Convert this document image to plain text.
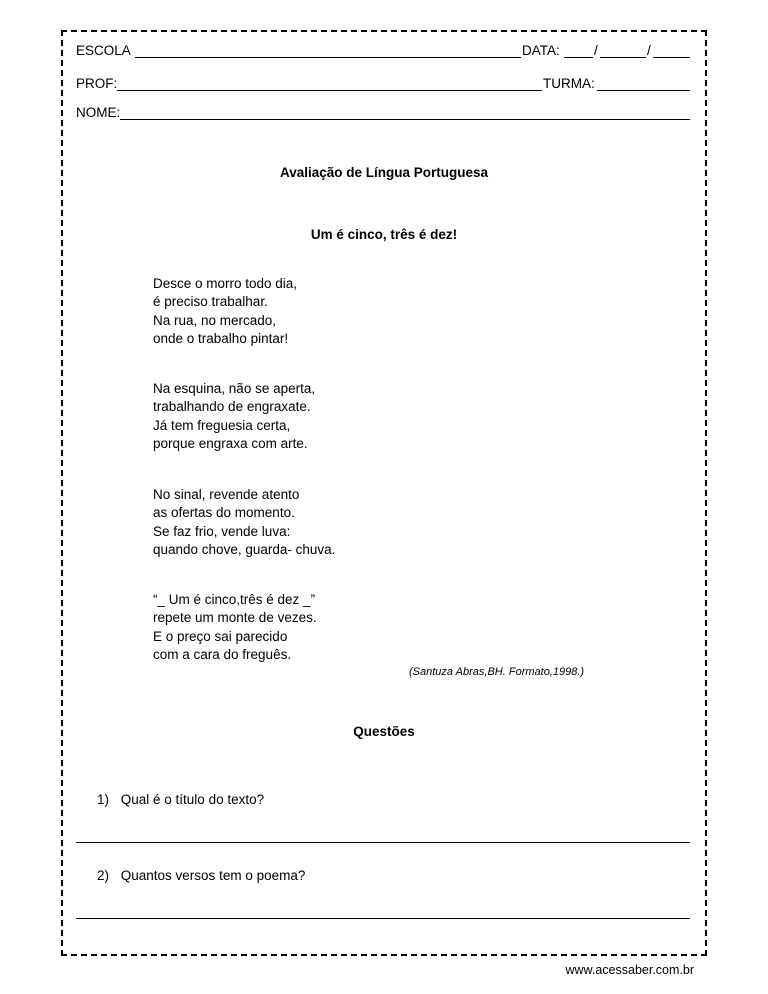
ESCOLA	DATA:	/	/
PROF:	TURMA:
NOME:
Avaliação de Língua Portuguesa
Um é cinco, três é dez!
Desce o morro todo dia,
é preciso trabalhar.
Na rua, no mercado,
onde o trabalho pintar!
Na esquina, não se aperta,
trabalhando de engraxate.
Já tem freguesia certa,
porque engraxa com arte.
No sinal, revende atento
as ofertas do momento.
Se faz frio, vende luva:
quando chove, guarda- chuva.
“_ Um é cinco,três é dez _”
repete um monte de vezes.
E o preço sai parecido
com a cara do freguês.
(Santuza Abras,BH. Formato,1998.)
Questões
1) Qual é o título do texto?
2) Quantos versos tem o poema?
www.acessaber.com.br
